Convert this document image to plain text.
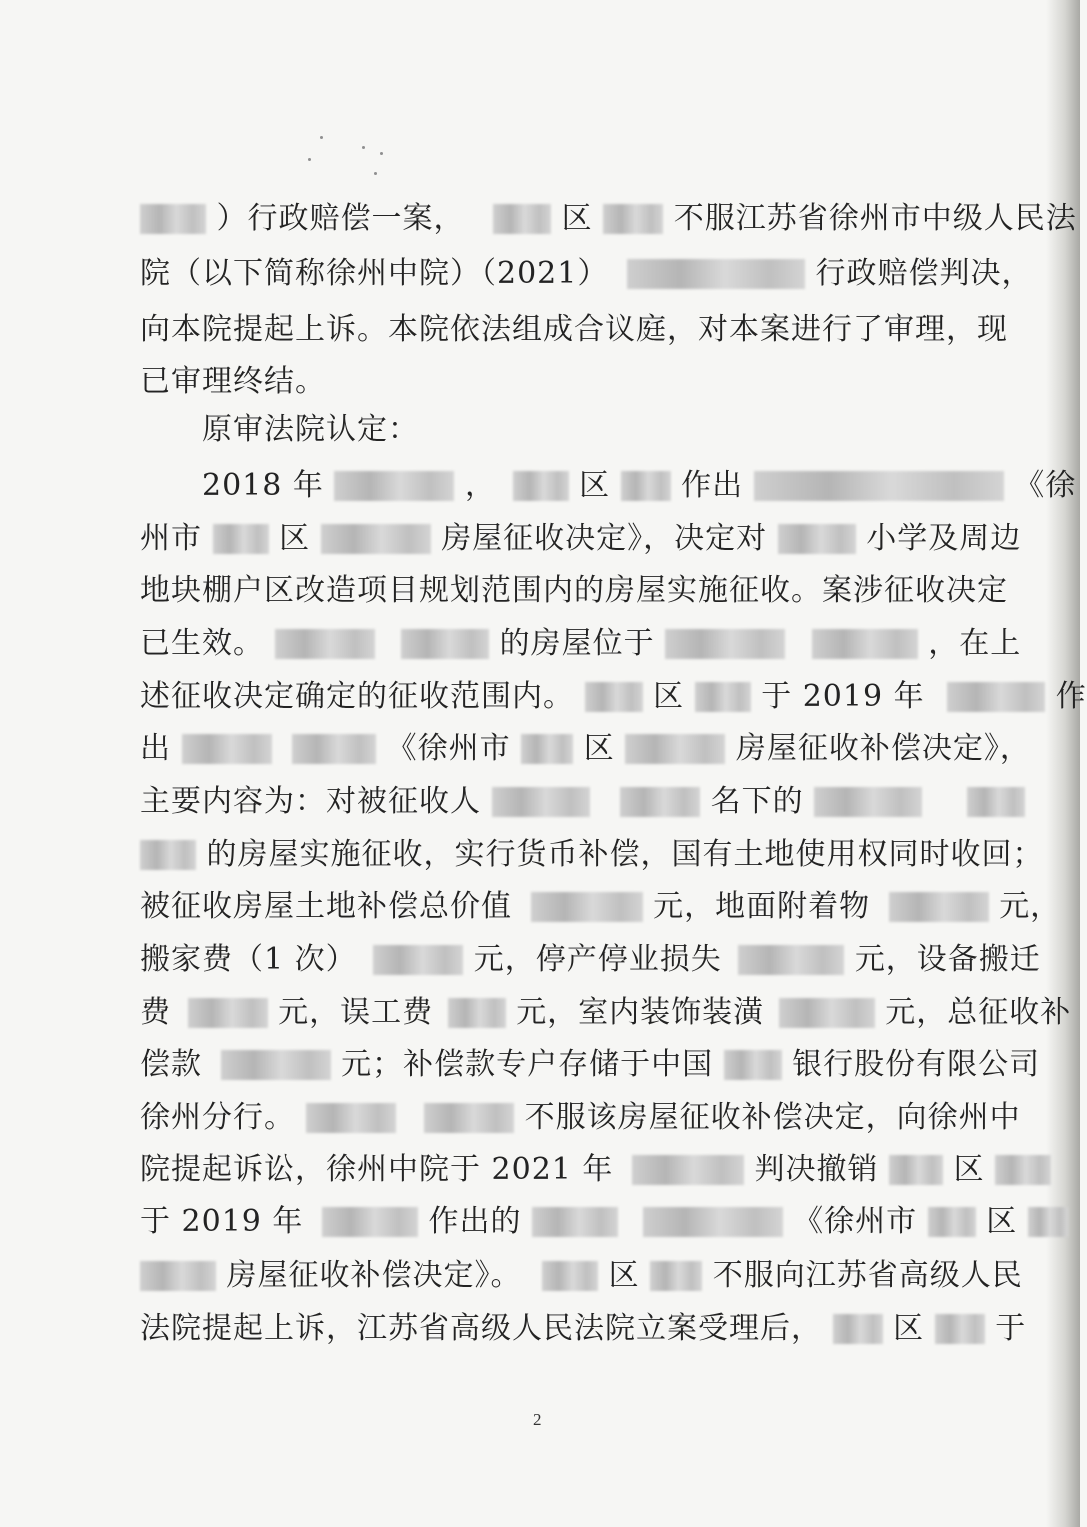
）行政赔偿一案，	区	不服江苏省徐州市中级人民法
院（以下简称徐州中院）（2021）	行政赔偿判决，
向本院提起上诉。本院依法组成合议庭，对本案进行了审理，现
已审理终结。
原审法院认定：
2018 年	，	区 作出	《徐
州市	区	房屋征收决定》，决定对	小学及周边
地块棚户区改造项目规划范围内的房屋实施征收。案涉征收决定
已生效。	的房屋位于	，在上
述征收决定确定的征收范围内。	区	于 2019 年	作
出	《徐州市 区	房屋征收补偿决定》，
主要内容为：对被征收人	名下的
的房屋实施征收，实行货币补偿，国有土地使用权同时收回；
被征收房屋土地补偿总价值	元，地面附着物	元，
搬家费（1 次）	元，停产停业损失	元，设备搬迁
费	元，误工费	元，室内装饰装潢	元，总征收补
偿款	元；补偿款专户存储于中国	银行股份有限公司
徐州分行。	不服该房屋征收补偿决定，向徐州中
院提起诉讼，徐州中院于 2021 年	判决撤销	区
于 2019 年	作出的	《徐州市 区
房屋征收补偿决定》。	区 不服向江苏省高级人民
法院提起上诉，江苏省高级人民法院立案受理后， 区 于
2
